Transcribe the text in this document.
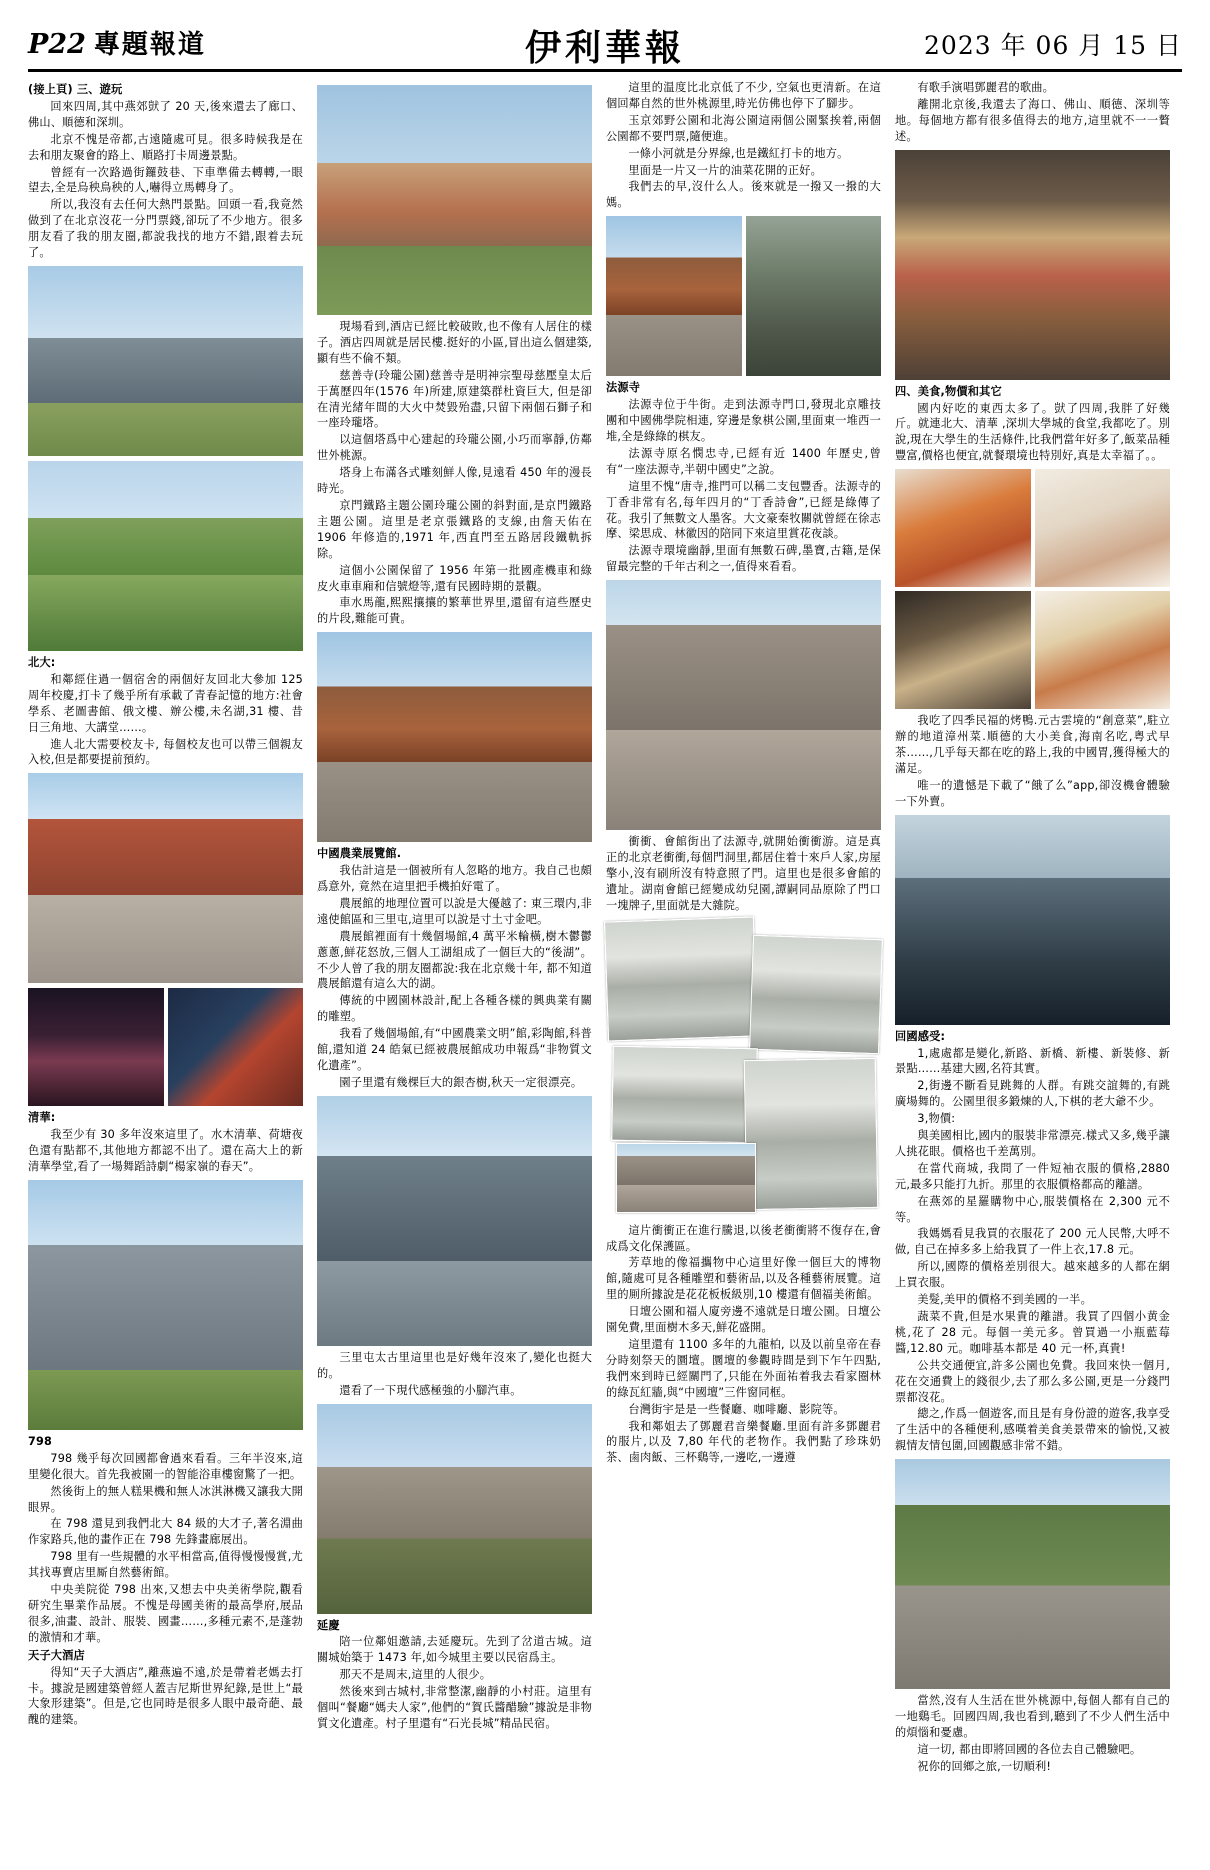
P22 專題報道	伊利華報	2023 年 06 月 15 日

(接上頁) 三、遊玩

回來四周,其中燕郊獃了 20 天,後來還去了廊口、佛山、順德和深圳。

北京不愧是帝都,古遠隨處可見。很多時候我是在去和朋友聚會的路上、順路打卡周邊景點。

曾經有一次路過街鑼鼓巷、下車準備去轉轉,一眼望去,全是烏秧鳥秧的人,嚇得立馬轉身了。

所以,我沒有去任何大熱門景點。回頭一看,我竟然做到了在北京沒花一分門票錢,卻玩了不少地方。很多朋友看了我的朋友圈,都說我找的地方不錯,跟着去玩了。

北大:

和鄰經住過一個宿舍的兩個好友回北大參加 125 周年校慶,打卡了幾乎所有承載了青春記憶的地方:社會學系、老圖書館、俄文樓、辦公樓,未名湖,31 樓、昔日三角地、大講堂……。

進人北大需要校友卡, 每個校友也可以帶三個親友入校,但是都要提前預約。

清華:

我至少有 30 多年沒來這里了。水木清華、荷塘夜色還有點都不,其他地方都認不出了。還在高大上的新清華學堂,看了一場舞蹈詩劇“楊家嶺的春天”。

798

798 幾乎每次回國都會過來看看。三年半沒來,這里變化很大。首先我被園一的智能浴車樓窗驚了一把。

然後街上的無人糕果機和無人冰淇淋機又讓我大開眼界。

在 798 還見到我們北大 84 級的大才子,著名淵曲作家路兵,他的畫作正在 798 先鋒畫廊展出。

798 里有一些規體的水平相當高,值得慢慢慢賞,尤其找專賣店里厮自然藝術館。

中央美院從 798 出來,又想去中央美術學院,觀看研究生畢業作品展。不愧是母國美術的最高學府,展品很多,油畫、設計、服裝、國畫……,多種元素不,是蓬勃的激情和才華。

天子大酒店

得知“天子大酒店”,離燕遍不遠,於是帶着老媽去打卡。據說是國建築曾經人蓋吉尼斯世界紀錄,是世上“最大象形建築”。但是,它也同時是很多人眼中最奇葩、最醜的建築。

現場看到,酒店已經比較破敗,也不像有人居住的樣子。酒店四周就是居民樓.挺好的小區,冒出這么個建築,顯有些不倫不類。

慈善寺(玲瓏公園)慈善寺是明神宗聖母慈壓皇太后于萬歷四年(1576 年)所建,原建築群杜資巨大, 但是卻在清光緒年間的大火中焚毀殆盡,只留下兩個石獅子和一座玲瓏塔。

以這個塔爲中心建起的玲瓏公園,小巧而寧靜,仿鄰世外桃源。

塔身上布滿各式雕刻鮮人像,見遠看 450 年的漫長時光。

京門鐵路主題公園玲瓏公園的斜對面,是京門鐵路主題公園。這里是老京張鐵路的支線,由詹天佑在 1906 年修造的,1971 年,西直門至五路居段鐵軌拆除。

這個小公園保留了 1956 年第一批國產機車和綠皮火車車廂和信號燈等,還有民國時期的景觀。

車水馬龍,熙熙攘攘的繁華世界里,還留有這些歷史的片段,難能可貴。

中國農業展覽館.

我估計這是一個被所有人忽略的地方。我自己也頗爲意外, 竟然在這里把手機拍好電了。

農展館的地理位置可以說是大優越了: 東三環内,非遠使館區和三里屯,這里可以說是寸土寸金吧。

農展館裡面有十幾個場館,4 萬平米輪橫,樹木鬱鬱蔥蔥,鮮花怒放,三個人工湖組成了一個巨大的“後湖”。不少人曾了我的朋友圈都說:我在北京幾十年, 都不知道農展館還有這么大的湖。

傳統的中國園林設計,配上各種各樣的興典業有關的雕塑。

我看了幾個場館,有“中國農業文明”館,彩陶館,科普館,還知道 24 皓氣已經被農展館成功申報爲“非物質文化遺產”。

園子里還有幾棵巨大的銀杏樹,秋天一定很漂亮。

三里屯太古里這里也是好幾年沒來了,變化也挺大的。

還看了一下現代感極強的小腳汽車。

延慶

陪一位鄰姐邀請,去延慶玩。先到了岔道古城。這關城始築于 1473 年,如今城里主要以民宿爲主。

那天不是周末,這里的人很少。

然後來到古城村,非常整潔,幽靜的小村莊。這里有個叫“餐廳“媽夫人家”,他們的“賀氏醬醋驗”據說是非物質文化遺產。村子里還有“石光長城”精品民宿。

這里的温度比北京低了不少, 空氣也更清新。在這個回鄰自然的世外桃源里,時光仿佛也停下了腳步。

玉京郊野公園和北海公園這兩個公園緊挨着,兩個公園都不要門票,隨便進。

一條小河就是分界線,也是鐵紅打卡的地方。

里面是一片又一片的油菜花開的正好。

我們去的早,沒什么人。後來就是一撥又一撥的大媽。

法源寺

法源寺位于牛街。走到法源寺門口,發現北京雕技團和中國佛學院相連, 穿邊是象棋公園,里面東一堆西一堆,全是綠綠的棋友。

法源寺原名憫忠寺,已經有近 1400 年歷史,曾有“一座法源寺,半朝中國史”之說。

這里不愧“唐寺,推門可以稱二支包豐香。法源寺的丁香非常有名,每年四月的“丁香詩會”,已經是綠傳了花。我引了無數文人墨客。大文豪秦牧關就曾經在徐志摩、梁思成、林徽因的陪同下來這里賞花夜談。

法源寺環境幽靜,里面有無數石碑,墨寶,古籍,是保留最完整的千年古利之一,值得來看看。

衝衝、會館街出了法源寺,就開始衝衝游。這是真正的北京老衝衝,每個門洞里,都居住着十來戶人家,房屋擎小,沒有刷所沒有特意照了門。這里也是很多會館的遺址。湖南會館已經變成幼兒園,譚嗣同品原除了門口一塊牌子,里面就是大雜院。

這片衝衝正在進行騰退,以後老衝衝將不復存在,會成爲文化保護區。

芳草地的像福攜物中心這里好像一個巨大的博物館,隨處可見各種雕塑和藝術品,以及各種藝術展覽。這里的厠所據說是花花板板級別,10 樓還有個福美術館。

日壇公園和福人廈旁邊不遠就是日壇公園。日壇公園免費,里面樹木多天,鮮花盛開。

這里還有 1100 多年的九龍柏, 以及以前皇帝在春分時刻祭天的圜壇。圜壇的參觀時間是到下乍午四點,我們來到時已經關門了,只能在外面祐着我去看家圈林的綠瓦紅牆,與“中國壇”三件窗同框。

台灣街宇是是一些餐廳、咖啡廳、影院等。

我和鄰姐去了鄧麗君音樂餐廳.里面有許多鄧麗君的服片,以及 7,80 年代的老物作。我們點了珍珠奶茶、鹵肉飯、三杯鷄等,一邊吃,一邊遵

有歌手演唱鄧麗君的歌曲。

離開北京後,我還去了海口、佛山、順德、深圳等地。每個地方都有很多值得去的地方,這里就不一一贅述。

四、美食,物價和其它

國内好吃的東西太多了。獃了四周,我胖了好幾斤。就連北大、清華 ,深圳大學城的食堂,我都吃了。別說,現在大學生的生活條件,比我們當年好多了,飯菜品種豐富,價格也便宜,就餐環境也特別好,真是太幸福了。。

我吃了四季民福的烤鴨.元古雲境的“創意菜”,駐立辦的地道漳州菜.順德的大小美食,海南名吃,粤式早茶……,几乎每天都在吃的路上,我的中國胃,獲得極大的滿足。

唯一的遺憾是下載了“餓了么”app,卻沒機會體驗一下外賣。

回國感受:

1,處處都是變化,新路、新橋、新樓、新裝修、新景點……基建大國,名符其實。

2,街邊不斷看見跳舞的人群。有跳交誼舞的,有跳廣場舞的。公園里很多鍛煉的人,下棋的老大爺不少。

3,物價:

與美國相比,國内的服裝非常漂亮.樣式又多,幾乎讓人挑花眼。價格也千差萬別。

在當代商城, 我問了一件短袖衣服的價格,2880 元,最多只能打九折。那里的衣服價格都高的離譜。

在燕郊的星羅購物中心,服裝價格在 2,300 元不等。

我媽媽看見我買的衣服花了 200 元人民幣,大呼不做, 自己在掉多多上給我買了一件上衣,17.8 元。

所以,國際的價格差別很大。越來越多的人都在網上買衣服。

美髮,美甲的價格不到美國的一半。

蔬菜不貴,但是水果貴的離譜。我買了四個小黄金桃,花了 28 元。每個一美元多。曾買過一小瓶藍莓醬,12.80 元。咖啡基本都是 40 元一杯,真貴!

公共交通便宜,許多公園也免費。我回來快一個月,花在交通費上的錢很少,去了那么多公園,更是一分錢門票都沒花。

總之,作爲一個遊客,而且是有身份證的遊客,我享受了生活中的各種便利,感嘆着美食美景帶來的愉悦,又被親情友情包圍,回國觀感非常不錯。

當然,沒有人生活在世外桃源中,每個人都有自己的一地鷄毛。回國四周,我也看到,聽到了不少人們生活中的煩惱和憂慮。

這一切, 都由即將回國的各位去自己體驗吧。

祝你的回鄉之旅,一切順利!
